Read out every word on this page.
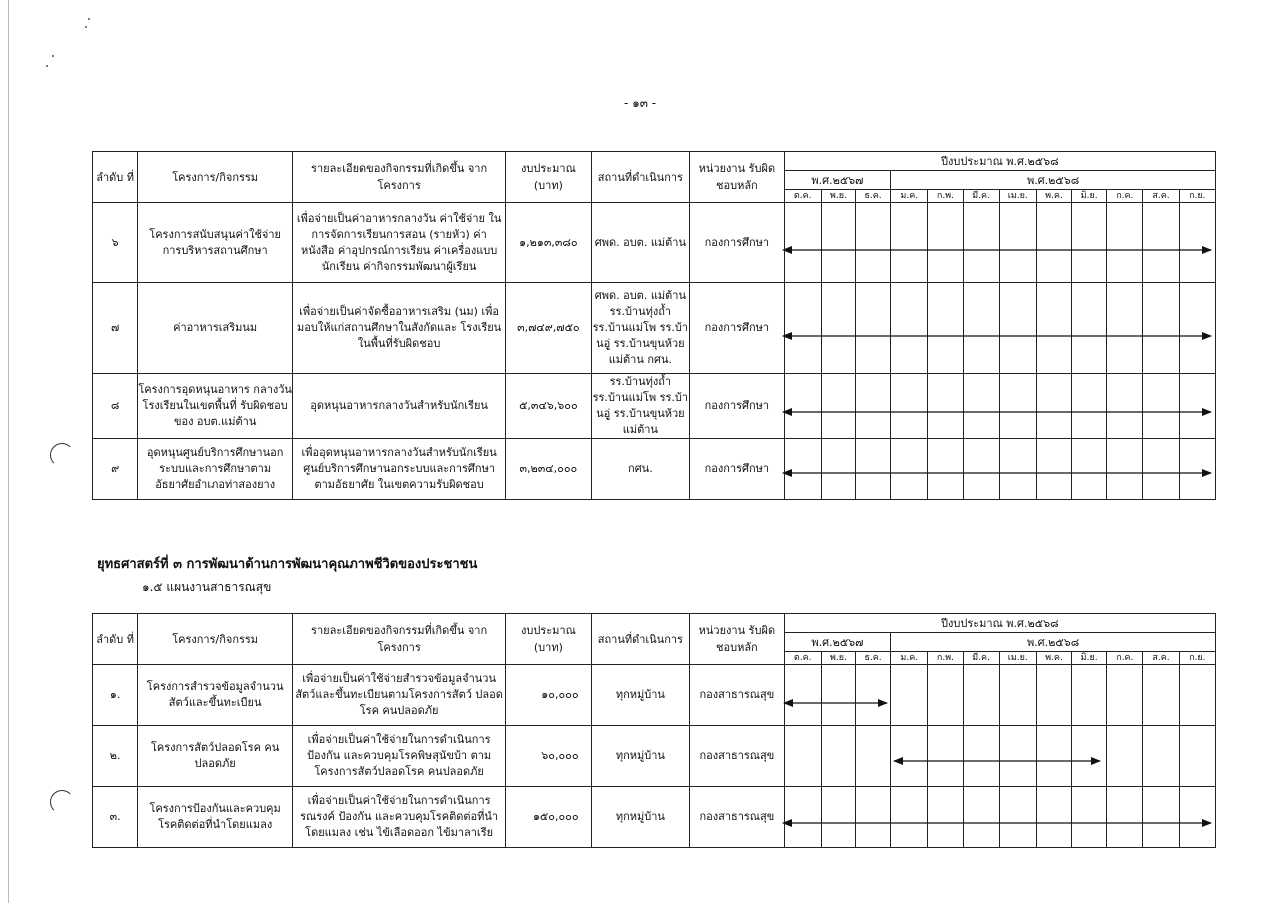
- ๑๓ -
ลำดับ ที่	โครงการ/กิจกรรม	รายละเอียดของกิจกรรมที่เกิดขึ้น จากโครงการ	งบประมาณ (บาท)	สถานที่ดำเนินการ	หน่วยงาน รับผิดชอบหลัก	ปีงบประมาณ พ.ศ.๒๕๖๘											
						พ.ศ.๒๕๖๗			พ.ศ.๒๕๖๘								
						ต.ค.	พ.ย.	ธ.ค.	ม.ค.	ก.พ.	มี.ค.	เม.ย.	พ.ค.	มิ.ย.	ก.ค.	ส.ค.	ก.ย.
๖	โครงการสนับสนุนค่าใช้จ่าย การบริหารสถานศึกษา	เพื่อจ่ายเป็นค่าอาหารกลางวัน ค่าใช้จ่าย ในการจัดการเรียนการสอน (รายหัว) ค่า หนังสือ ค่าอุปกรณ์การเรียน ค่าเครื่องแบบ นักเรียน ค่ากิจกรรมพัฒนาผู้เรียน	๑,๒๑๓,๓๘๐	ศพด. อบต. แม่ต้าน	กองการศึกษา												
๗	ค่าอาหารเสริมนม	เพื่อจ่ายเป็นค่าจัดซื้ออาหารเสริม (นม) เพื่อมอบให้แก่สถานศึกษาในสังกัดและ โรงเรียนในพื้นที่รับผิดชอบ	๓,๗๔๙,๗๕๐	ศพด. อบต. แม่ต้าน รร.บ้านทุ่งถ้ำ รร.บ้านแม่โพ รร.บ้านอูู่ รร.บ้านขุนห้วยแม่ต้าน กศน.	กองการศึกษา												
๘	โครงการอุดหนุนอาหาร กลางวันโรงเรียนในเขตพื้นที่ รับผิดชอบของ อบต.แม่ต้าน	อุดหนุนอาหารกลางวันสำหรับนักเรียน	๕,๓๔๖,๖๐๐	รร.บ้านทุ่งถ้ำ รร.บ้านแม่โพ รร.บ้านอูู่ รร.บ้านขุนห้วยแม่ต้าน	กองการศึกษา												
๙	อุดหนุนศูนย์บริการศึกษานอก ระบบและการศึกษาตาม อัธยาศัยอำเภอท่าสองยาง	เพื่ออุดหนุนอาหารกลางวันสำหรับนักเรียน ศูนย์บริการศึกษานอกระบบและการศึกษา ตามอัธยาศัย ในเขตความรับผิดชอบ	๓,๒๓๔,๐๐๐	กศน.	กองการศึกษา												
ยุทธศาสตร์ที่ ๓ การพัฒนาด้านการพัฒนาคุณภาพชีวิตของประชาชน
๑.๕ แผนงานสาธารณสุข
ลำดับ ที่	โครงการ/กิจกรรม	รายละเอียดของกิจกรรมที่เกิดขึ้น จากโครงการ	งบประมาณ (บาท)	สถานที่ดำเนินการ	หน่วยงาน รับผิดชอบหลัก	ปีงบประมาณ พ.ศ.๒๕๖๘											
						พ.ศ.๒๕๖๗			พ.ศ.๒๕๖๘								
						ต.ค.	พ.ย.	ธ.ค.	ม.ค.	ก.พ.	มี.ค.	เม.ย.	พ.ค.	มิ.ย.	ก.ค.	ส.ค.	ก.ย.
๑.	โครงการสำรวจข้อมูลจำนวน สัตว์และขึ้นทะเบียน	เพื่อจ่ายเป็นค่าใช้จ่ายสำรวจข้อมูลจำนวน สัตว์และขึ้นทะเบียนตามโครงการสัตว์ ปลอดโรค คนปลอดภัย	๑๐,๐๐๐	ทุกหมู่บ้าน	กองสาธารณสุข												
๒.	โครงการสัตว์ปลอดโรค คนปลอดภัย	เพื่อจ่ายเป็นค่าใช้จ่ายในการดำเนินการ ป้องกัน และควบคุมโรคพิษสุนัขบ้า ตาม โครงการสัตว์ปลอดโรค คนปลอดภัย	๖๐,๐๐๐	ทุกหมู่บ้าน	กองสาธารณสุข												
๓.	โครงการป้องกันและควบคุม โรคติดต่อที่นำโดยแมลง	เพื่อจ่ายเป็นค่าใช้จ่ายในการดำเนินการ รณรงค์ ป้องกัน และควบคุมโรคติดต่อที่นำ โดยแมลง เช่น ไข้เลือดออก ไข้มาลาเรีย	๑๕๐,๐๐๐	ทุกหมู่บ้าน	กองสาธารณสุข												
